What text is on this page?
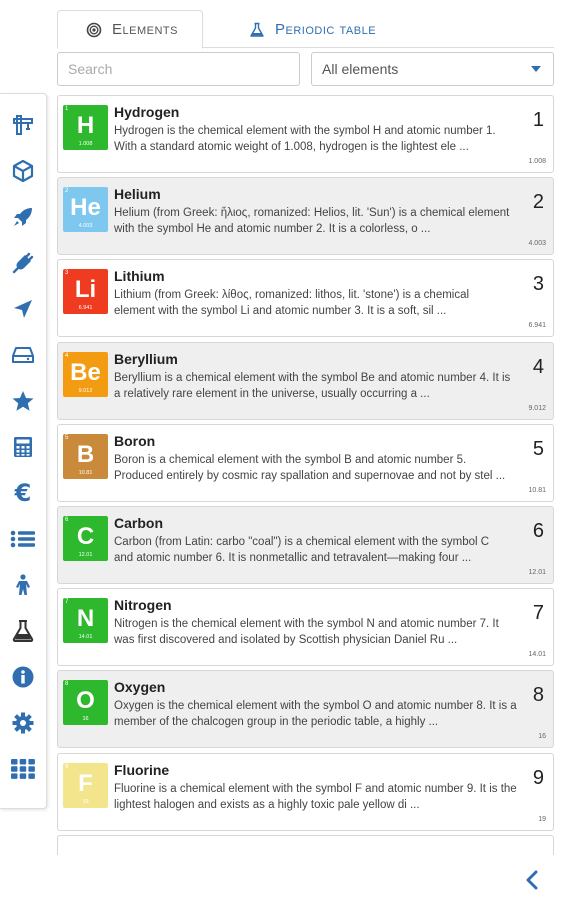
Elements	Periodic table
Search
All elements
€
1
H
1.008
Hydrogen
Hydrogen is the chemical element with the symbol H and atomic number 1.
With a standard atomic weight of 1.008, hydrogen is the lightest ele ...
1
1.008
2
He
4.003
Helium
Helium (from Greek: ἥλιος, romanized: Helios, lit. 'Sun') is a chemical element
with the symbol He and atomic number 2. It is a colorless, o ...
2
4.003
3
Li
6.941
Lithium
Lithium (from Greek: λίθος, romanized: lithos, lit. 'stone') is a chemical
element with the symbol Li and atomic number 3. It is a soft, sil ...
3
6.941
4
Be
9.012
Beryllium
Beryllium is a chemical element with the symbol Be and atomic number 4. It is
a relatively rare element in the universe, usually occurring a ...
4
9.012
5
B
10.81
Boron
Boron is a chemical element with the symbol B and atomic number 5.
Produced entirely by cosmic ray spallation and supernovae and not by stel ...
5
10.81
6
C
12.01
Carbon
Carbon (from Latin: carbo "coal") is a chemical element with the symbol C
and atomic number 6. It is nonmetallic and tetravalent—making four ...
6
12.01
7
N
14.01
Nitrogen
Nitrogen is the chemical element with the symbol N and atomic number 7. It
was first discovered and isolated by Scottish physician Daniel Ru ...
7
14.01
8
O
16
Oxygen
Oxygen is the chemical element with the symbol O and atomic number 8. It is a
member of the chalcogen group in the periodic table, a highly ...
8
16
9
F
19
Fluorine
Fluorine is a chemical element with the symbol F and atomic number 9. It is the
lightest halogen and exists as a highly toxic pale yellow di ...
9
19
